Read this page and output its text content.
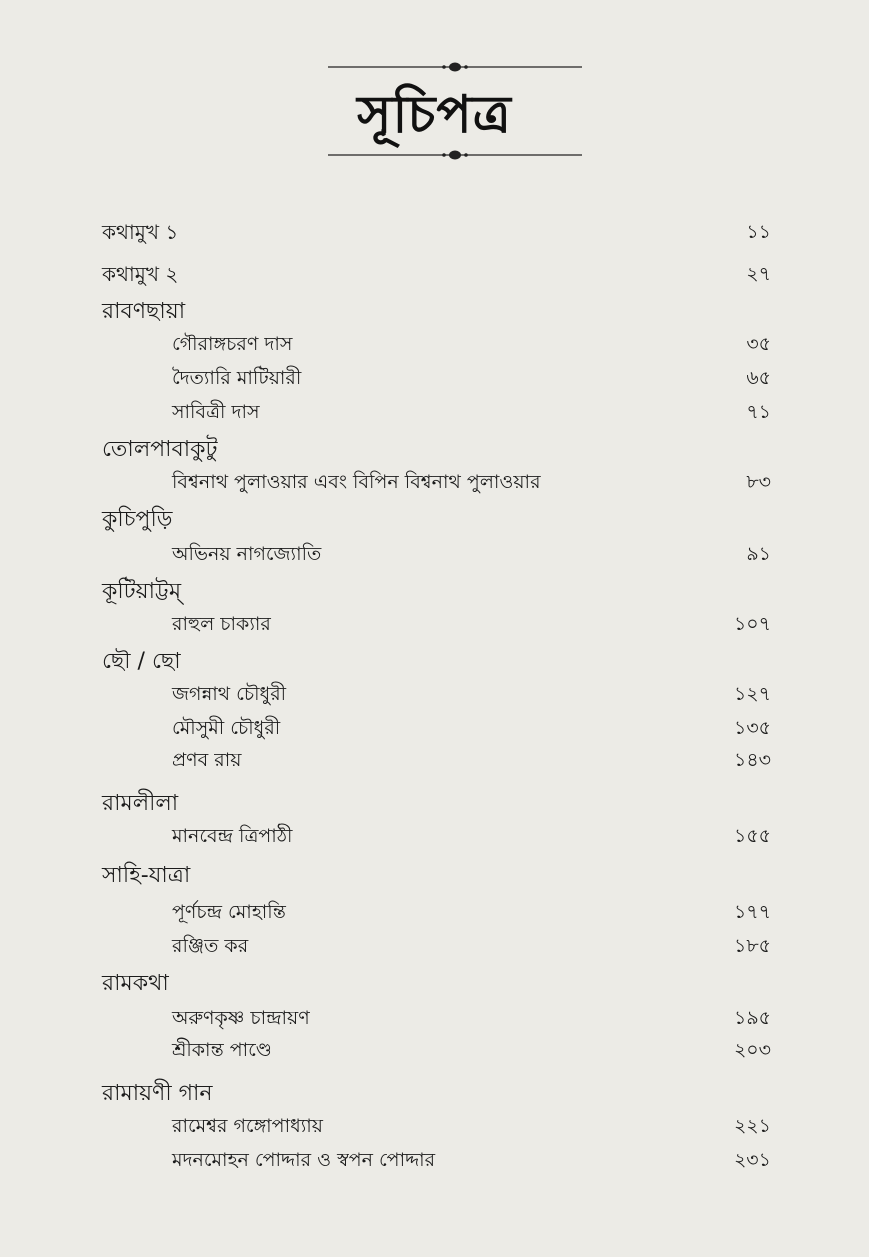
সূচিপত্র
কথামুখ ১	১১
কথামুখ ২	২৭
রাবণছায়া
গৌরাঙ্গচরণ দাস	৩৫
দৈত্যারি মাটিয়ারী	৬৫
সাবিত্রী দাস	৭১
তোলপাবাকুটু
বিশ্বনাথ পুলাওয়ার এবং বিপিন বিশ্বনাথ পুলাওয়ার	৮৩
কুচিপুড়ি
অভিনয় নাগজ্যোতি	৯১
কূটিয়াট্টম্
রাহুল চাক্যার	১০৭
ছৌ / ছো
জগন্নাথ চৌধুরী	১২৭
মৌসুমী চৌধুরী	১৩৫
প্রণব রায়	১৪৩
রামলীলা
মানবেন্দ্র ত্রিপাঠী	১৫৫
সাহি-যাত্রা
পূর্ণচন্দ্র মোহান্তি	১৭৭
রঞ্জিত কর	১৮৫
রামকথা
অরুণকৃষ্ণ চান্দ্রায়ণ	১৯৫
শ্রীকান্ত পাণ্ডে	২০৩
রামায়ণী গান
রামেশ্বর গঙ্গোপাধ্যায়	২২১
মদনমোহন পোদ্দার ও স্বপন পোদ্দার	২৩১
